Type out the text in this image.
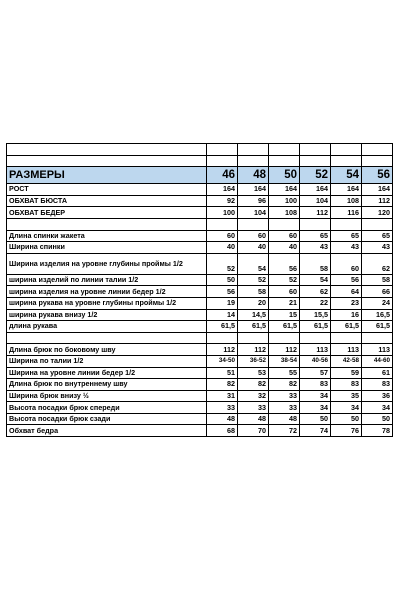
РАЗМЕРЫ	46	48	50	52	54	56
РОСТ	164	164	164	164	164	164
ОБХВАТ БЮСТА	92	96	100	104	108	112
ОБХВАТ БЕДЕР	100	104	108	112	116	120

Длина спинки жакета	60	60	60	65	65	65
Ширина спинки	40	40	40	43	43	43
Ширина изделия на уровне глубины проймы 1/2	52	54	56	58	60	62
ширина изделий по линии талии 1/2	50	52	52	54	56	58
ширина изделия на уровне линии бедер 1/2	56	58	60	62	64	66
ширина рукава на уровне глубины проймы 1/2	19	20	21	22	23	24
ширина рукава внизу 1/2	14	14,5	15	15,5	16	16,5
длина рукава	61,5	61,5	61,5	61,5	61,5	61,5

Длина брюк по боковому шву	112	112	112	113	113	113
Ширина по талии 1/2	34-50	36-52	38-54	40-56	42-58	44-60
Ширина на уровне линии бедер 1/2	51	53	55	57	59	61
Длина брюк по внутреннему шву	82	82	82	83	83	83
Ширина брюк внизу ½	31	32	33	34	35	36
Высота посадки брюк спереди	33	33	33	34	34	34
Высота посадки брюк сзади	48	48	48	50	50	50
Обхват бедра	68	70	72	74	76	78
